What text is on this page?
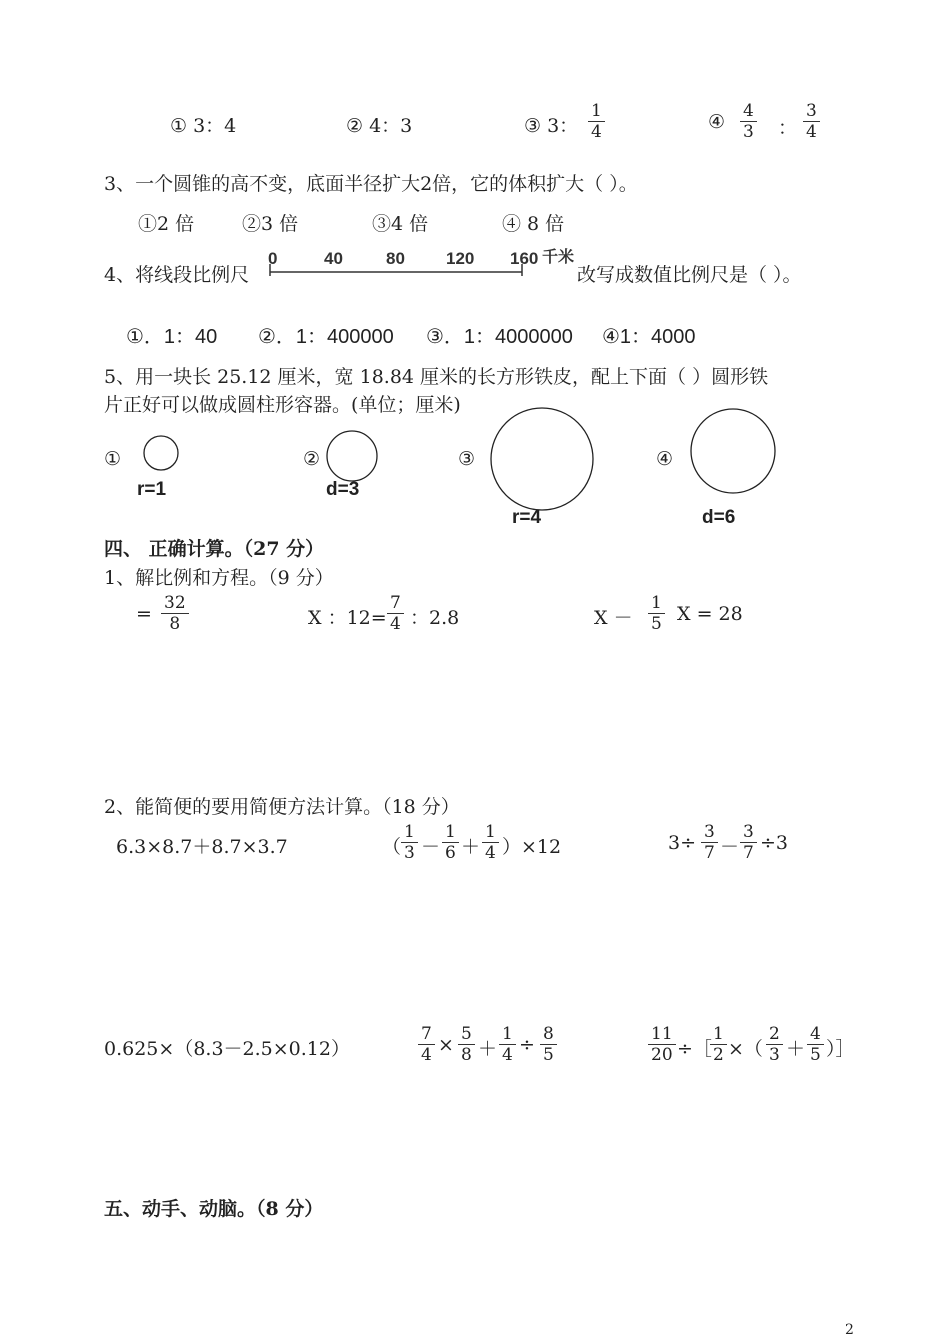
① 3：4	② 4：3	③ 3： $\frac{1}{4}$	④ $\frac{4}{3}$ ： $\frac{3}{4}$
3、一个圆锥的高不变，底面半径扩大2倍，它的体积扩大（ ）。
①2 倍	②3 倍	③4 倍	④ 8 倍
4、将线段比例尺
0	40	80 120 160 千米
改写成数值比例尺是（ ）。
①．1：40 ②．1：400000 ③．1：4000000 ④1：4000
5、用一块长 25.12 厘米，宽 18.84 厘米的长方形铁皮，配上下面（ ）圆形铁
片正好可以做成圆柱形容器。(单位；厘米)
①
r=1
②
d=3
③
r=4
④
d=6
四、 正确计算。（27 分）
1、解比例和方程。（9 分）
= $\frac{32}{8}$	X ：$12= \frac{7}{4}$ ：2.8	$X - \frac{1}{5}$ X = 28
2、能简便的要用简便方法计算。（18 分）
6.3×8.7＋8.7×3.7	（ $\frac{1}{3} - \frac{1}{6} + \frac{1}{4} )\times 12$	$3\div \frac{3}{7} - \frac{3}{7} \div 3$
0.625×（8.3－2.5×0.12）	$\frac{7}{4} \times \frac{5}{8} + \frac{1}{4} \div \frac{8}{5}$	$\frac{11}{20}$ ÷［
$\frac{1}{2}$ ×（ $\frac{2}{3} + \frac{4}{5}$ ）］
五、动手、动脑。（8 分）
2
